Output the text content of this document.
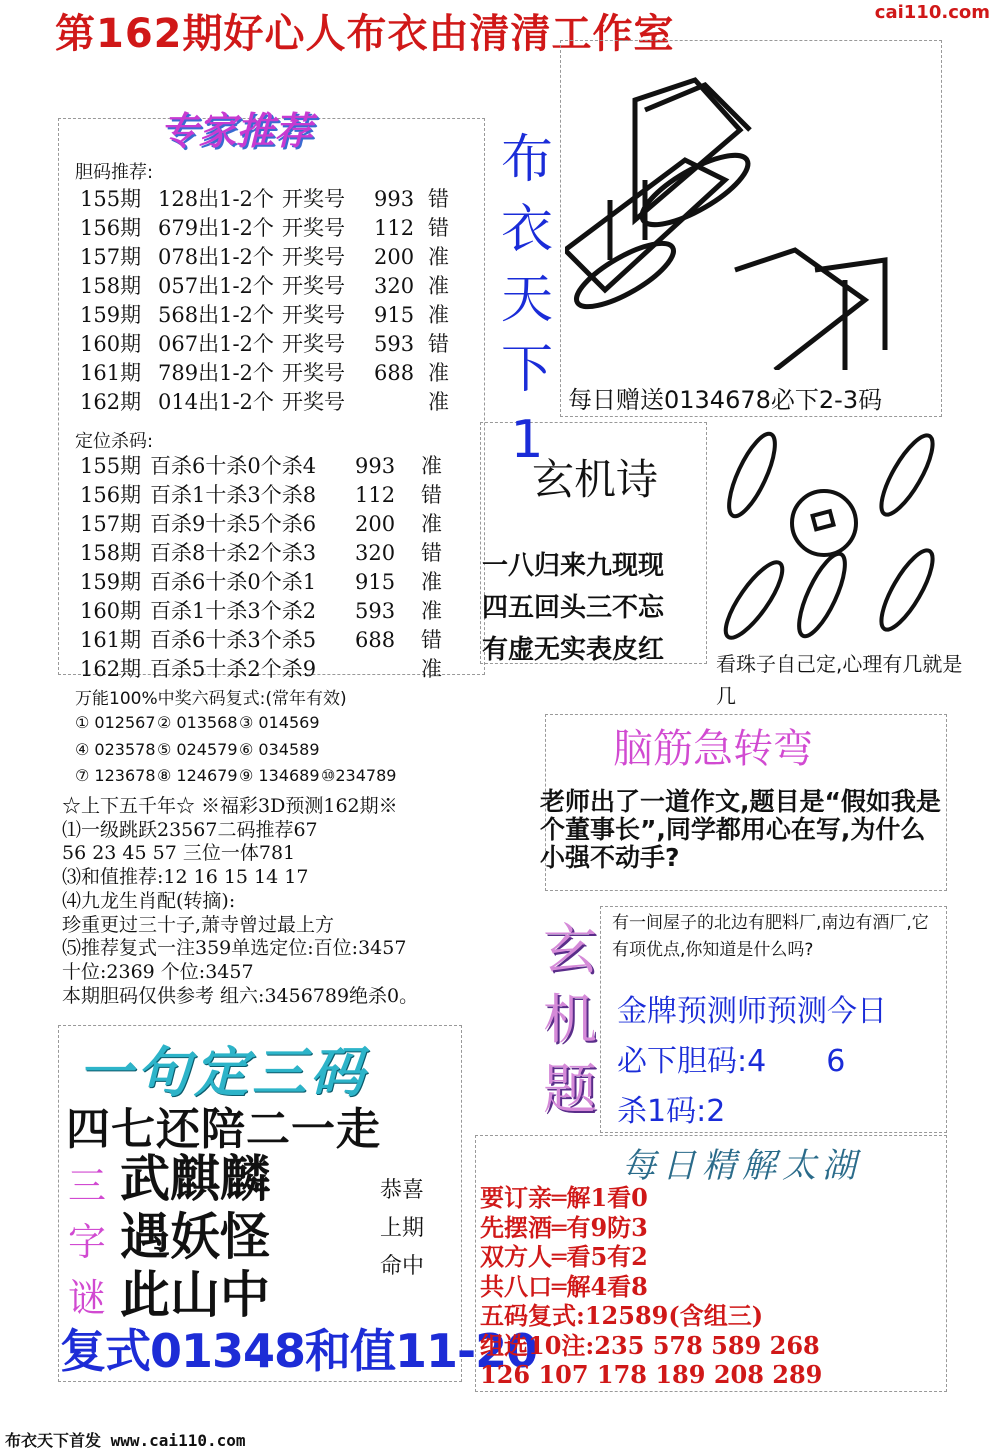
第162期好心人布衣由清清工作室	cai110.com
专家推荐
胆码推荐:
155期 128出1-2个 开奖号 993 错
156期 679出1-2个 开奖号 112 错
157期 078出1-2个 开奖号 200 准
158期 057出1-2个 开奖号 320 准
159期 568出1-2个 开奖号 915 准
160期 067出1-2个 开奖号 593 错
161期 789出1-2个 开奖号 688 准
162期 014出1-2个 开奖号	准
定位杀码:
155期 百杀6十杀0个杀4 993 准
156期 百杀1十杀3个杀8 112 错
157期 百杀9十杀5个杀6 200 准
158期 百杀8十杀2个杀3 320 错
159期 百杀6十杀0个杀1 915 准
160期 百杀1十杀3个杀2 593 准
161期 百杀6十杀3个杀5 688 错
162期 百杀5十杀2个杀9	准
万能100%中奖六码复式:(常年有效)
① 012567② 013568③ 014569
④ 023578⑤ 024579⑥ 034589
⑦ 123678⑧ 124679⑨ 134689⑩234789
☆上下五千年☆ ※福彩3D预测162期※
⑴一级跳跃23567二码推荐67
56 23 45 57 三位一体781
⑶和值推荐:12 16 15 14 17
⑷九龙生肖配(转摘):
珍重更过三十子,萧寺曾过最上方
⑸推荐复式一注359单选定位:百位:3457
十位:2369 个位:3457
本期胆码仅供参考 组六:3456789绝杀0。
一句定三码
四七还陪二一走
三
字
谜
武麒麟
遇妖怪
此山中
恭喜
上期
命中
复式01348和值11-20
布衣天下首发 www.cai110.com
布
衣
天
下
1
每日赠送0134678必下2-3码
玄机诗
一八归来九现现
四五回头三不忘
有虚无实表皮红	看珠子自己定,心理有几就是几
脑筋急转弯
老师出了一道作文,题目是“假如我是个董事长”,同学都用心在写,为什么小强不动手?
玄
机
题
有一间屋子的北边有肥料厂,南边有酒厂,它有项优点,你知道是什么吗?
金牌预测师预测今日
必下胆码:4　　6
杀1码:2
每日精解太湖
要订亲═解1看0
先摆酒═有9防3
双方人═看5有2
共八口═解4看8
五码复式:12589(含组三)
组选10注:235 578 589 268
126 107 178 189 208 289
